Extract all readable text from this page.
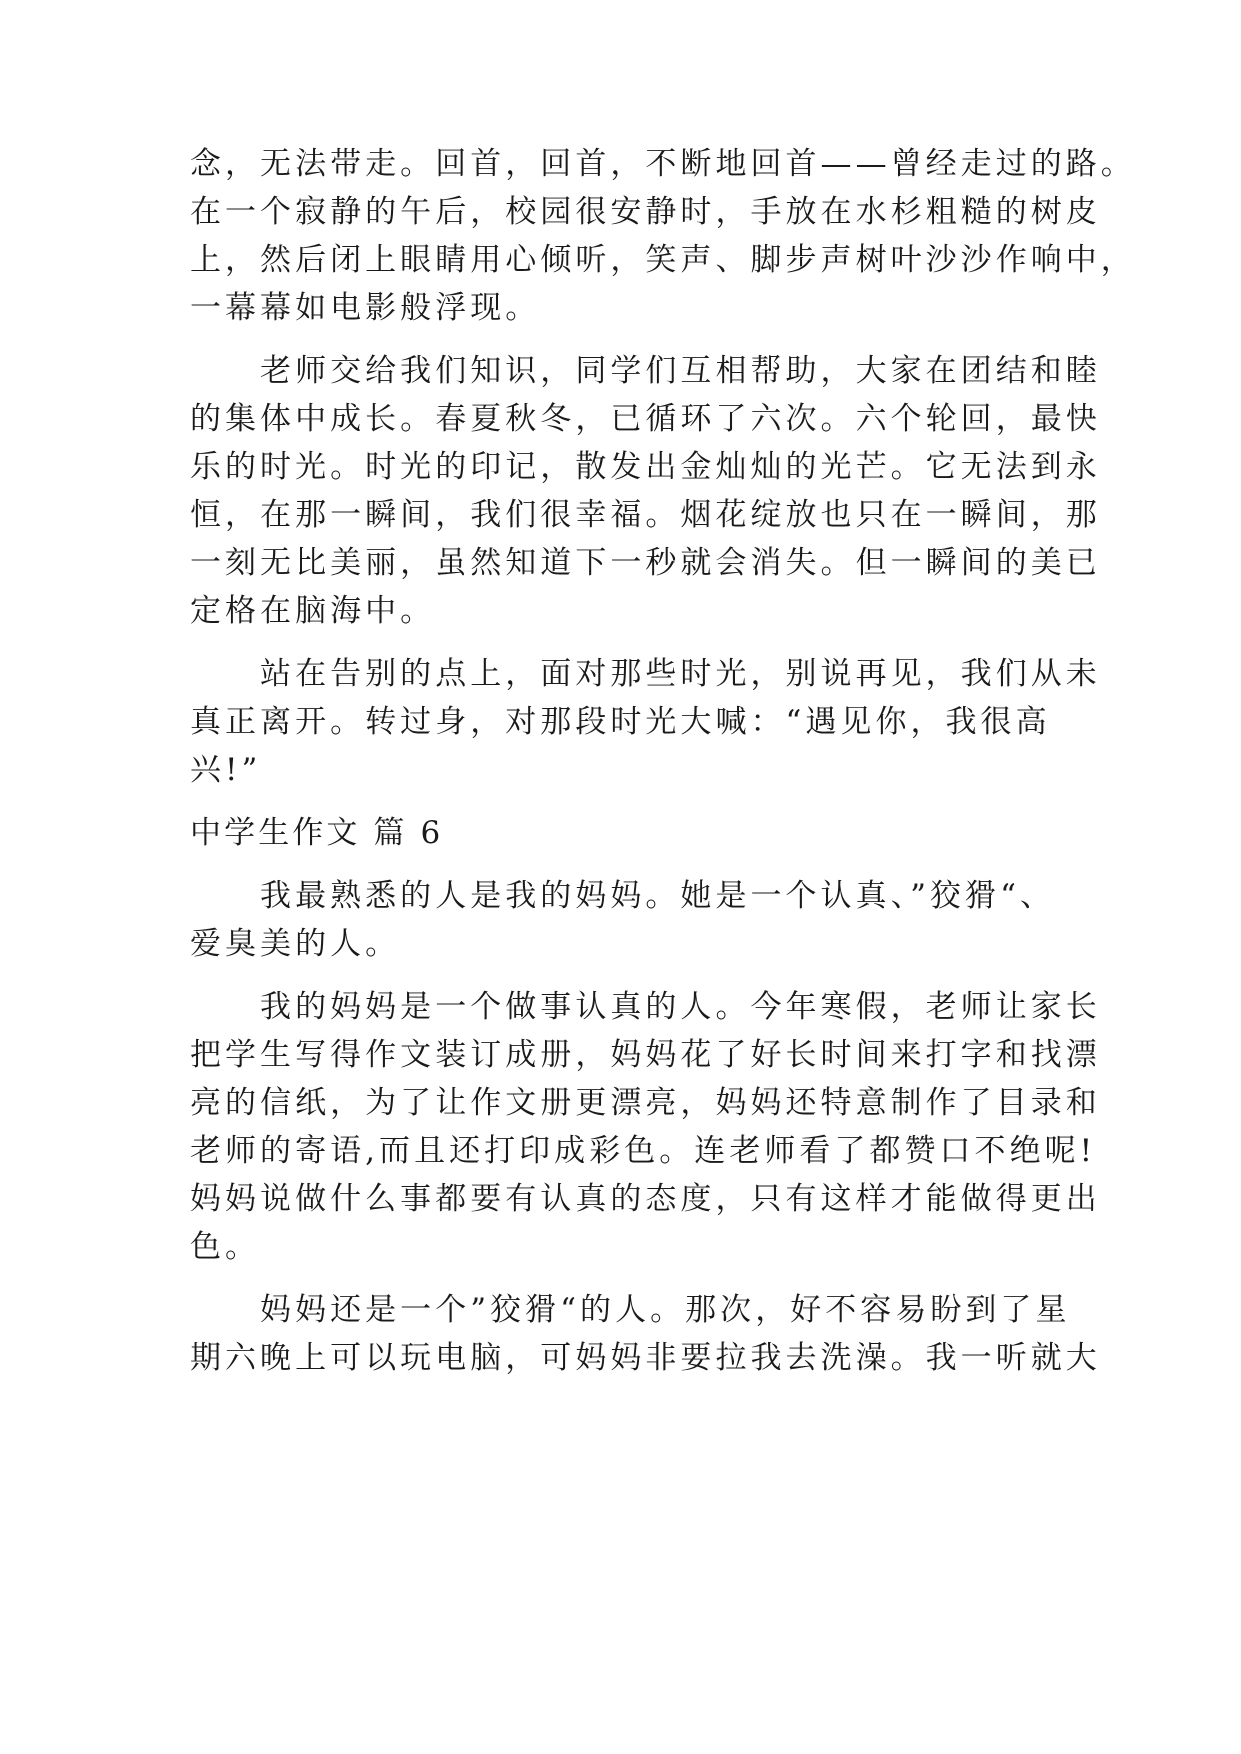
念，无法带走。回首，回首，不断地回首——曾经走过的路。
在一个寂静的午后，校园很安静时，手放在水杉粗糙的树皮
上，然后闭上眼睛用心倾听，笑声、脚步声树叶沙沙作响中，
一幕幕如电影般浮现。
　　老师交给我们知识，同学们互相帮助，大家在团结和睦
的集体中成长。春夏秋冬，已循环了六次。六个轮回，最快
乐的时光。时光的印记，散发出金灿灿的光芒。它无法到永
恒，在那一瞬间，我们很幸福。烟花绽放也只在一瞬间，那
一刻无比美丽，虽然知道下一秒就会消失。但一瞬间的美已
定格在脑海中。
　　站在告别的点上，面对那些时光，别说再见，我们从未
真正离开。转过身，对那段时光大喊：“遇见你，我很高
兴!”
中学生作文 篇 6
　　我最熟悉的人是我的妈妈。她是一个认真、”狡猾“、
爱臭美的人。
　　我的妈妈是一个做事认真的人。今年寒假，老师让家长
把学生写得作文装订成册，妈妈花了好长时间来打字和找漂
亮的信纸，为了让作文册更漂亮，妈妈还特意制作了目录和
老师的寄语,而且还打印成彩色。连老师看了都赞口不绝呢!
妈妈说做什么事都要有认真的态度，只有这样才能做得更出
色。
　　妈妈还是一个”狡猾“的人。那次，好不容易盼到了星
期六晚上可以玩电脑，可妈妈非要拉我去洗澡。我一听就大
